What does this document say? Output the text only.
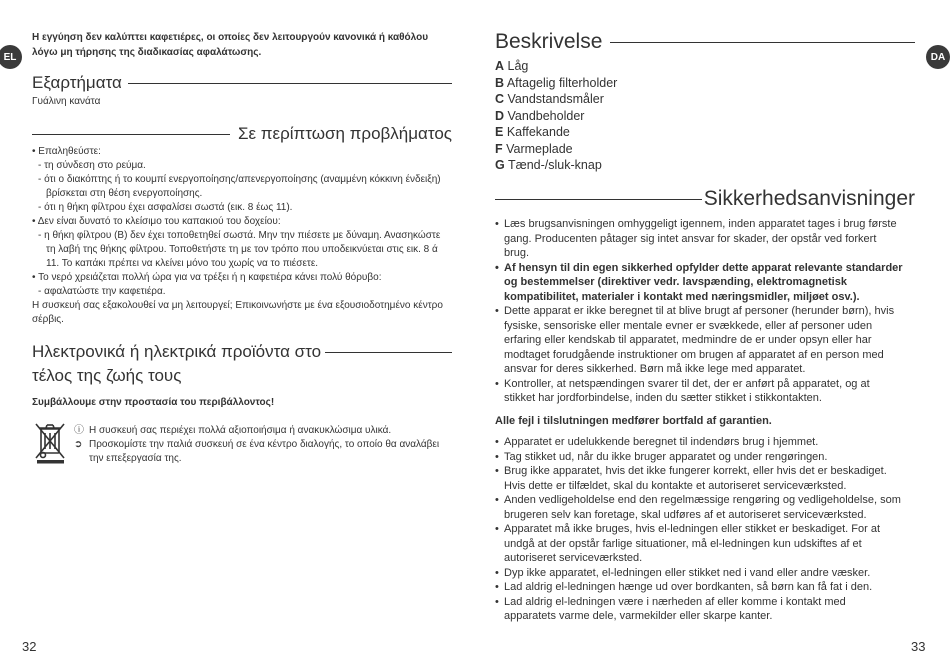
EL
Η εγγύηση δεν καλύπτει καφετιέρες, οι οποίες δεν λειτουργούν κανονικά ή καθόλου
λόγω μη τήρησης της διαδικασίας αφαλάτωσης.
Εξαρτήματα
Γυάλινη κανάτα
Σε περίπτωση προβλήματος
• Επαληθεύστε:
- τη σύνδεση στο ρεύμα.
- ότι ο διακόπτης ή το κουμπί ενεργοποίησης/απενεργοποίησης (αναμμένη κόκκινη ένδειξη)
βρίσκεται στη θέση ενεργοποίησης.
- ότι η θήκη φίλτρου έχει ασφαλίσει σωστά (εικ. 8 έως 11).
• Δεν είναι δυνατό το κλείσιμο του καπακιού του δοχείου:
- η θήκη φίλτρου (B) δεν έχει τοποθετηθεί σωστά. Μην την πιέσετε με δύναμη. Ανασηκώστε
τη λαβή της θήκης φίλτρου. Τοποθετήστε τη με τον τρόπο που υποδεικνύεται στις εικ. 8 ά
11. Το καπάκι πρέπει να κλείνει μόνο του χωρίς να το πιέσετε.
• Το νερό χρειάζεται πολλή ώρα για να τρέξει ή η καφετιέρα κάνει πολύ θόρυβο:
- αφαλατώστε την καφετιέρα.
Η συσκευή σας εξακολουθεί να μη λειτουργεί; Επικοινωνήστε με ένα εξουσιοδοτημένο κέντρο
σέρβις.
Ηλεκτρονικά ή ηλεκτρικά προϊόντα στο
τέλος της ζωής τους
Συμβάλλουμε στην προστασία του περιβάλλοντος!
ⓘ Η συσκευή σας περιέχει πολλά αξιοποιήσιμα ή ανακυκλώσιμα υλικά.
➲ Προσκομίστε την παλιά συσκευή σε ένα κέντρο διαλογής, το οποίο θα αναλάβει
την επεξεργασία της.
32
DA
Beskrivelse
A Låg
B Aftagelig filterholder
C Vandstandsmåler
D Vandbeholder
E Kaffekande
F Varmeplade
G Tænd-/sluk-knap
Sikkerhedsanvisninger
• Læs brugsanvisningen omhyggeligt igennem, inden apparatet tages i brug første
gang. Producenten påtager sig intet ansvar for skader, der opstår ved forkert
brug.
• Af hensyn til din egen sikkerhed opfylder dette apparat relevante standarder
og bestemmelser (direktiver vedr. lavspænding, elektromagnetisk
kompatibilitet, materialer i kontakt med næringsmidler, miljøet osv.).
• Dette apparat er ikke beregnet til at blive brugt af personer (herunder børn), hvis
fysiske, sensoriske eller mentale evner er svækkede, eller af personer uden
erfaring eller kendskab til apparatet, medmindre de er under opsyn eller har
modtaget forudgående instruktioner om brugen af apparatet af en person med
ansvar for deres sikkerhed. Børn må ikke lege med apparatet.
• Kontroller, at netspændingen svarer til det, der er anført på apparatet, og at
stikket har jordforbindelse, inden du sætter stikket i stikkontakten.
Alle fejl i tilslutningen medfører bortfald af garantien.
• Apparatet er udelukkende beregnet til indendørs brug i hjemmet.
• Tag stikket ud, når du ikke bruger apparatet og under rengøringen.
• Brug ikke apparatet, hvis det ikke fungerer korrekt, eller hvis det er beskadiget.
Hvis dette er tilfældet, skal du kontakte et autoriseret serviceværksted.
• Anden vedligeholdelse end den regelmæssige rengøring og vedligeholdelse, som
brugeren selv kan foretage, skal udføres af et autoriseret serviceværksted.
• Apparatet må ikke bruges, hvis el-ledningen eller stikket er beskadiget. For at
undgå at der opstår farlige situationer, må el-ledningen kun udskiftes af et
autoriseret serviceværksted.
• Dyp ikke apparatet, el-ledningen eller stikket ned i vand eller andre væsker.
• Lad aldrig el-ledningen hænge ud over bordkanten, så børn kan få fat i den.
• Lad aldrig el-ledningen være i nærheden af eller komme i kontakt med
apparatets varme dele, varmekilder eller skarpe kanter.
33
